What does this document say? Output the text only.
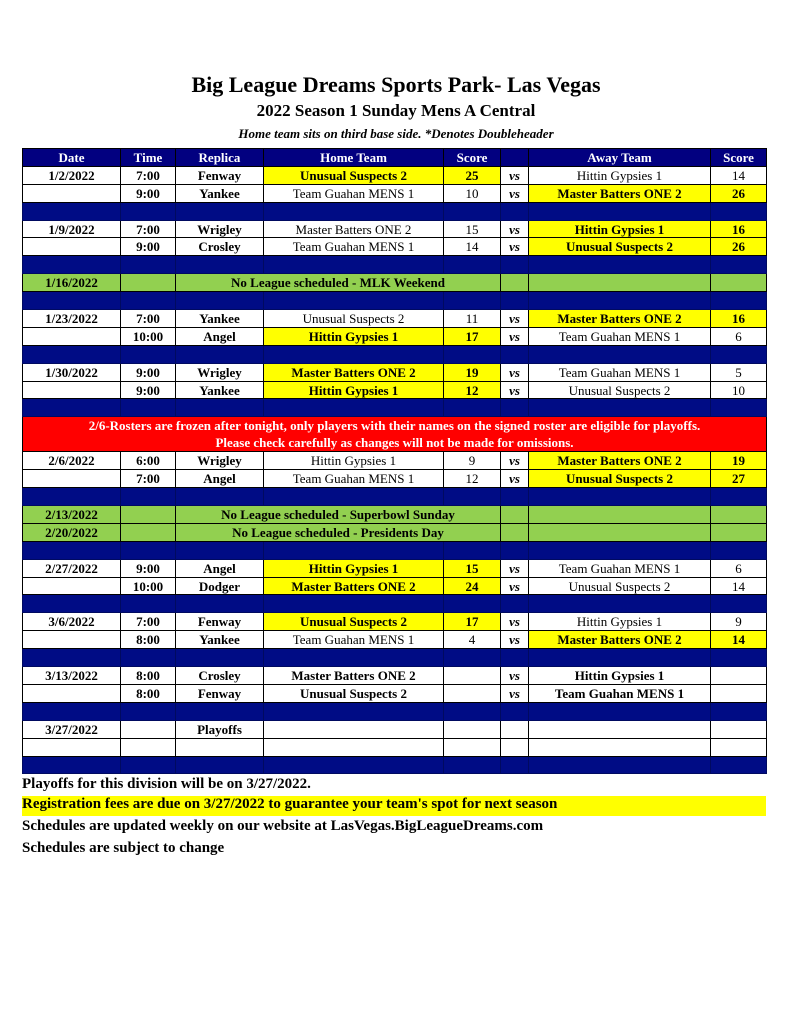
Big League Dreams Sports Park- Las Vegas
2022 Season 1 Sunday Mens A Central
Home team sits on third base side. *Denotes Doubleheader
Date	Time	Replica	Home Team	Score		Away Team	Score
1/2/2022	7:00	Fenway	Unusual Suspects 2	25	vs	Hittin Gypsies 1	14
	9:00	Yankee	Team Guahan MENS 1	10	vs	Master Batters ONE 2	26

1/9/2022	7:00	Wrigley	Master Batters ONE 2	15	vs	Hittin Gypsies 1	16
	9:00	Crosley	Team Guahan MENS 1	14	vs	Unusual Suspects 2	26

1/16/2022		No League scheduled - MLK Weekend					

1/23/2022	7:00	Yankee	Unusual Suspects 2	11	vs	Master Batters ONE 2	16
	10:00	Angel	Hittin Gypsies 1	17	vs	Team Guahan MENS 1	6

1/30/2022	9:00	Wrigley	Master Batters ONE 2	19	vs	Team Guahan MENS 1	5
	9:00	Yankee	Hittin Gypsies 1	12	vs	Unusual Suspects 2	10

2/6-Rosters are frozen after tonight, only players with their names on the signed roster are eligible for playoffs.
Please check carefully as changes will not be made for omissions.							

2/6/2022	6:00	Wrigley	Hittin Gypsies 1	9	vs	Master Batters ONE 2	19
	7:00	Angel	Team Guahan MENS 1	12	vs	Unusual Suspects 2	27

2/13/2022		No League scheduled - Superbowl Sunday					
2/20/2022		No League scheduled - Presidents Day					

2/27/2022	9:00	Angel	Hittin Gypsies 1	15	vs	Team Guahan MENS 1	6
	10:00	Dodger	Master Batters ONE 2	24	vs	Unusual Suspects 2	14

3/6/2022	7:00	Fenway	Unusual Suspects 2	17	vs	Hittin Gypsies 1	9
	8:00	Yankee	Team Guahan MENS 1	4	vs	Master Batters ONE 2	14

3/13/2022	8:00	Crosley	Master Batters ONE 2		vs	Hittin Gypsies 1	
	8:00	Fenway	Unusual Suspects 2		vs	Team Guahan MENS 1	

3/27/2022		Playoffs					

Playoffs for this division will be on 3/27/2022.
Registration fees are due on 3/27/2022 to guarantee your team's spot for next season
Schedules are updated weekly on our website at LasVegas.BigLeagueDreams.com
Schedules are subject to change
